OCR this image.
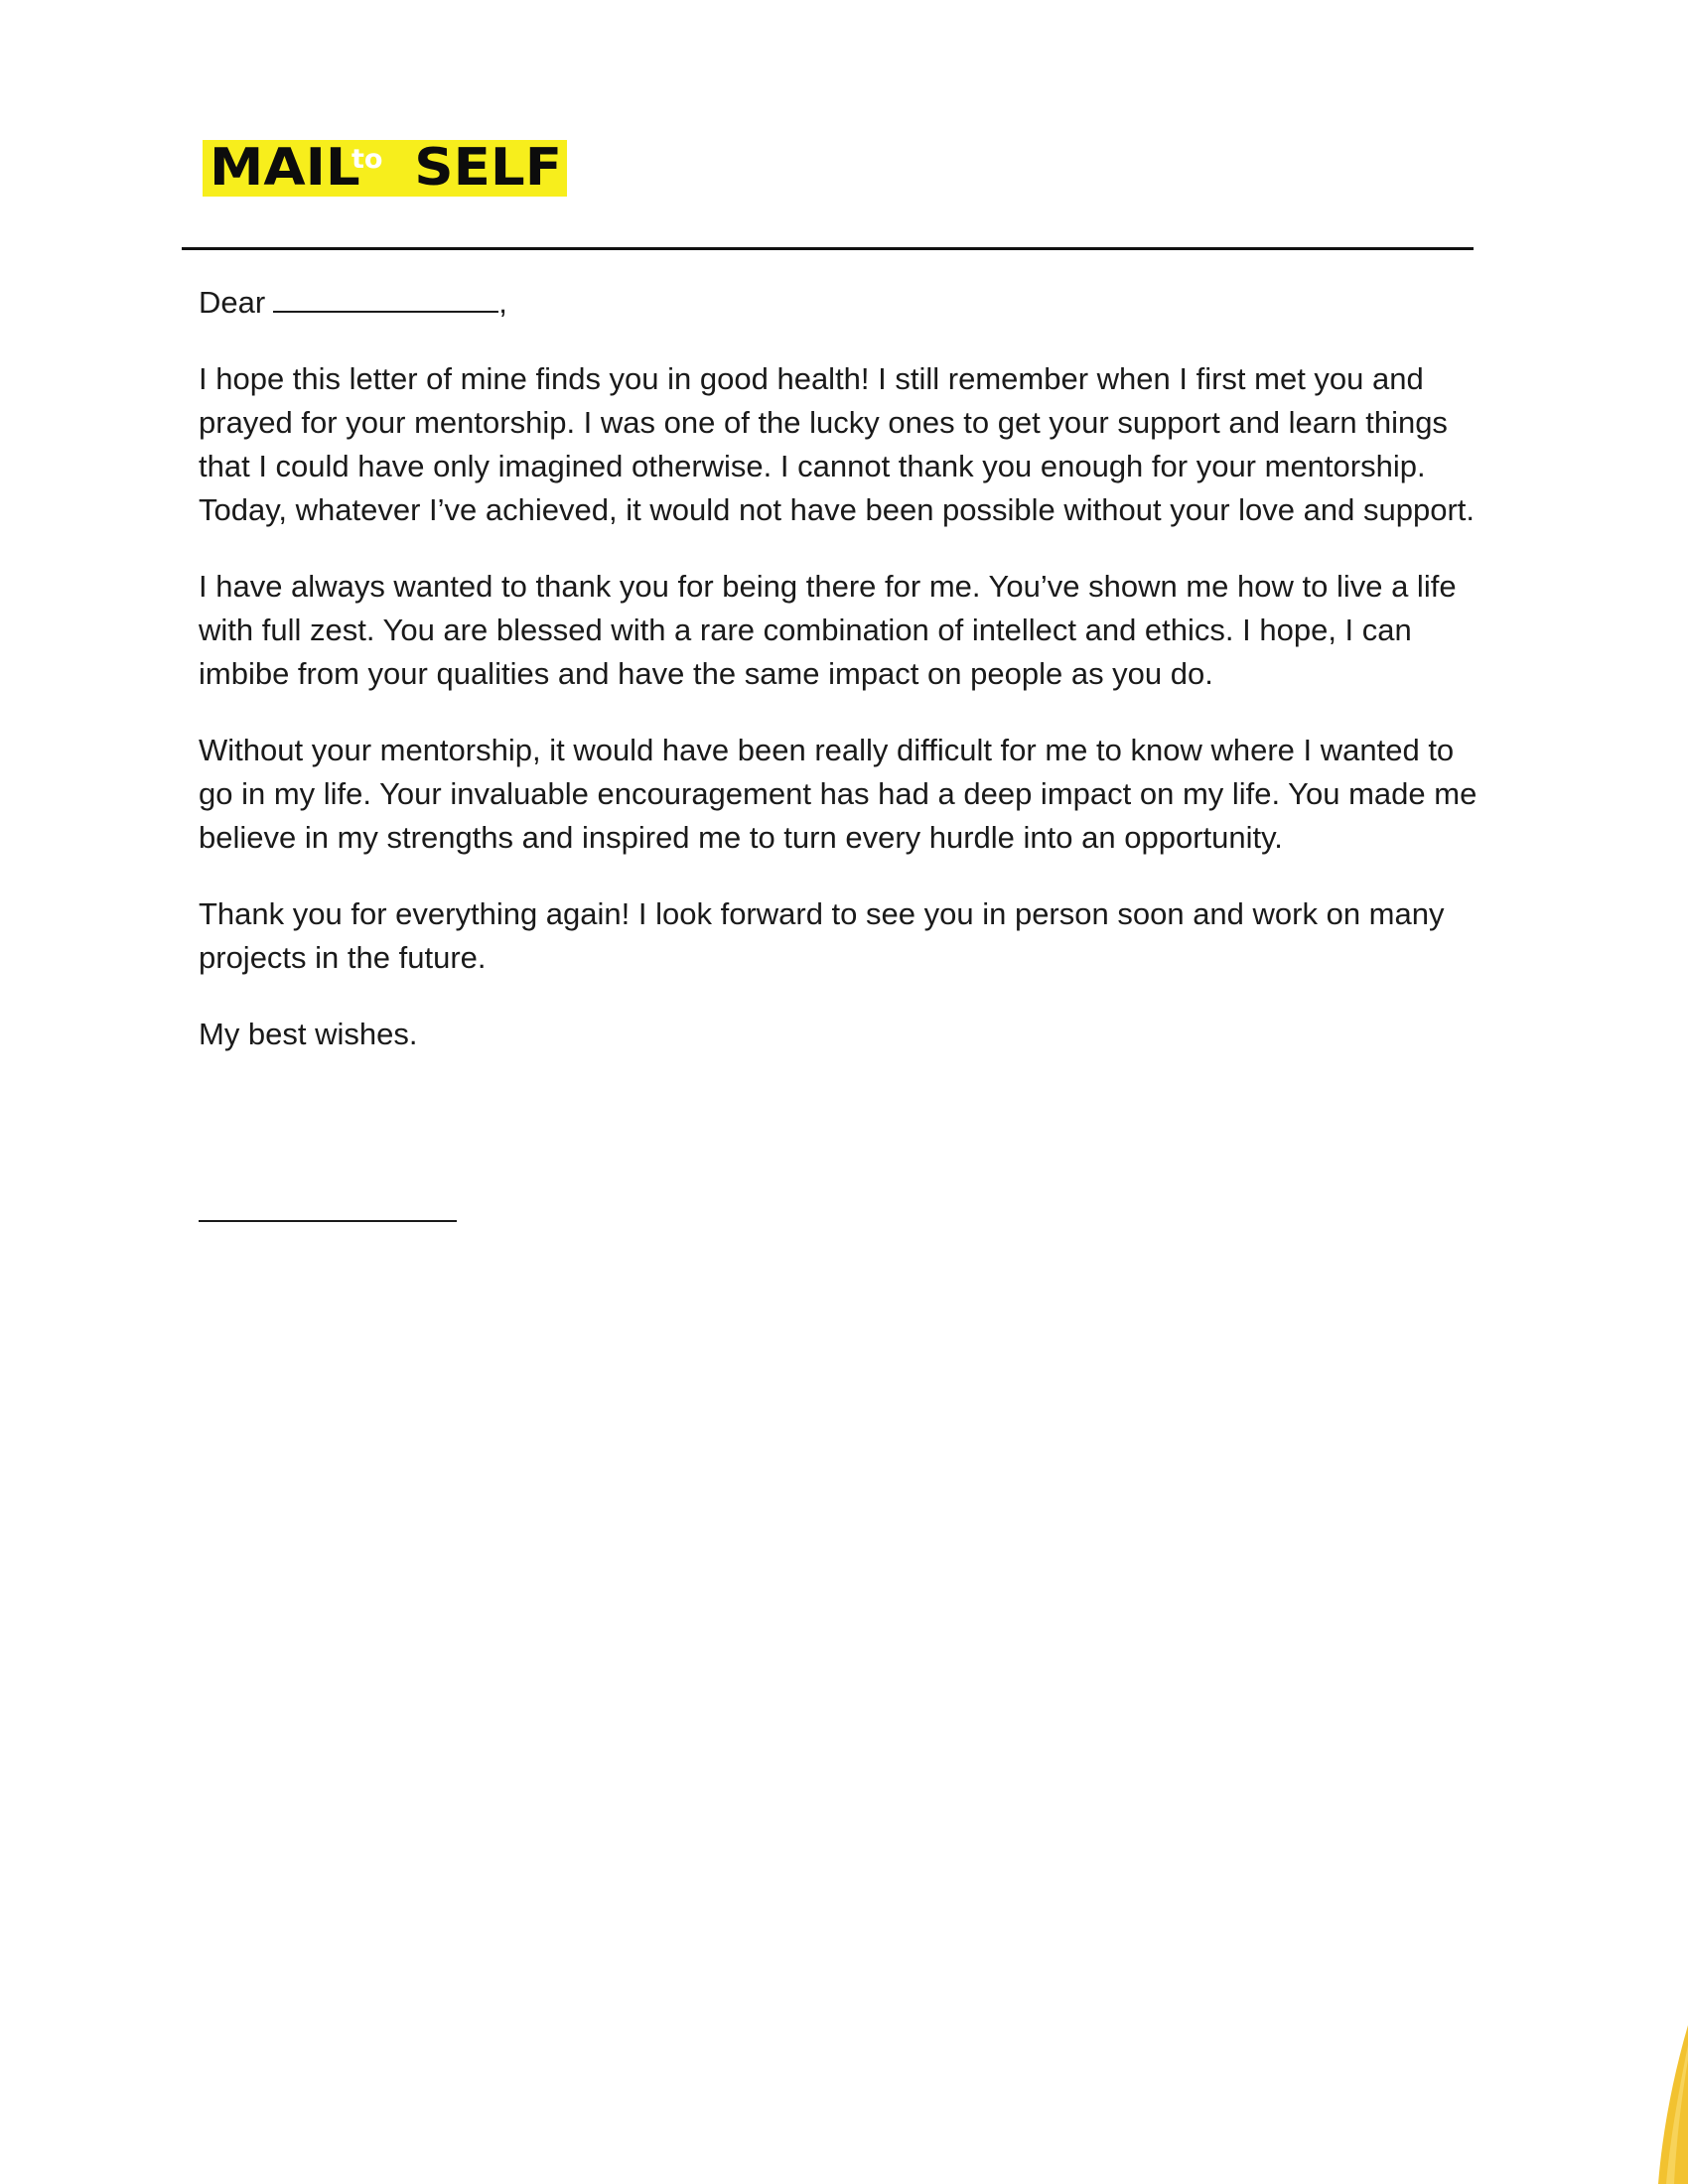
MAIL SELF
to

Dear	,

I hope this letter of mine finds you in good health! I still remember when I first met you and prayed for your mentorship. I was one of the lucky ones to get your support and learn things that I could have only imagined otherwise. I cannot thank you enough for your mentorship. Today, whatever I’ve achieved, it would not have been possible without your love and support.

I have always wanted to thank you for being there for me. You’ve shown me how to live a life with full zest. You are blessed with a rare combination of intellect and ethics. I hope, I can imbibe from your qualities and have the same impact on people as you do.

Without your mentorship, it would have been really difficult for me to know where I wanted to go in my life. Your invaluable encouragement has had a deep impact on my life. You made me believe in my strengths and inspired me to turn every hurdle into an opportunity.

Thank you for everything again! I look forward to see you in person soon and work on many projects in the future.

My best wishes.
